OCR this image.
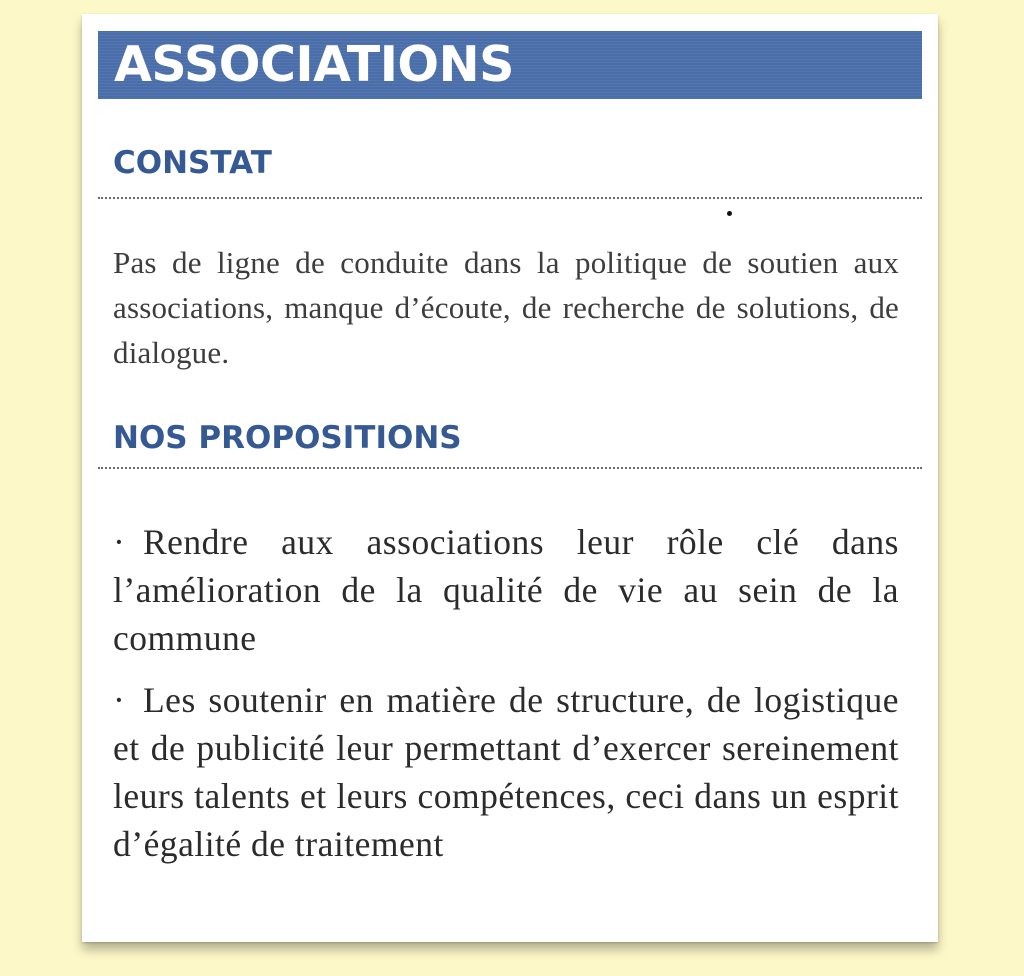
ASSOCIATIONS
CONSTAT
Pas de ligne de conduite dans la politique de soutien aux associations, manque d’écoute, de recherche de solutions, de dialogue.
NOS PROPOSITIONS
· Rendre aux associations leur rôle clé dans l’amélioration de la qualité de vie au sein de la commune
· Les soutenir en matière de structure, de logistique et de publicité leur permettant d’exercer sereinement leurs talents et leurs compétences, ceci dans un esprit d’égalité de traitement
